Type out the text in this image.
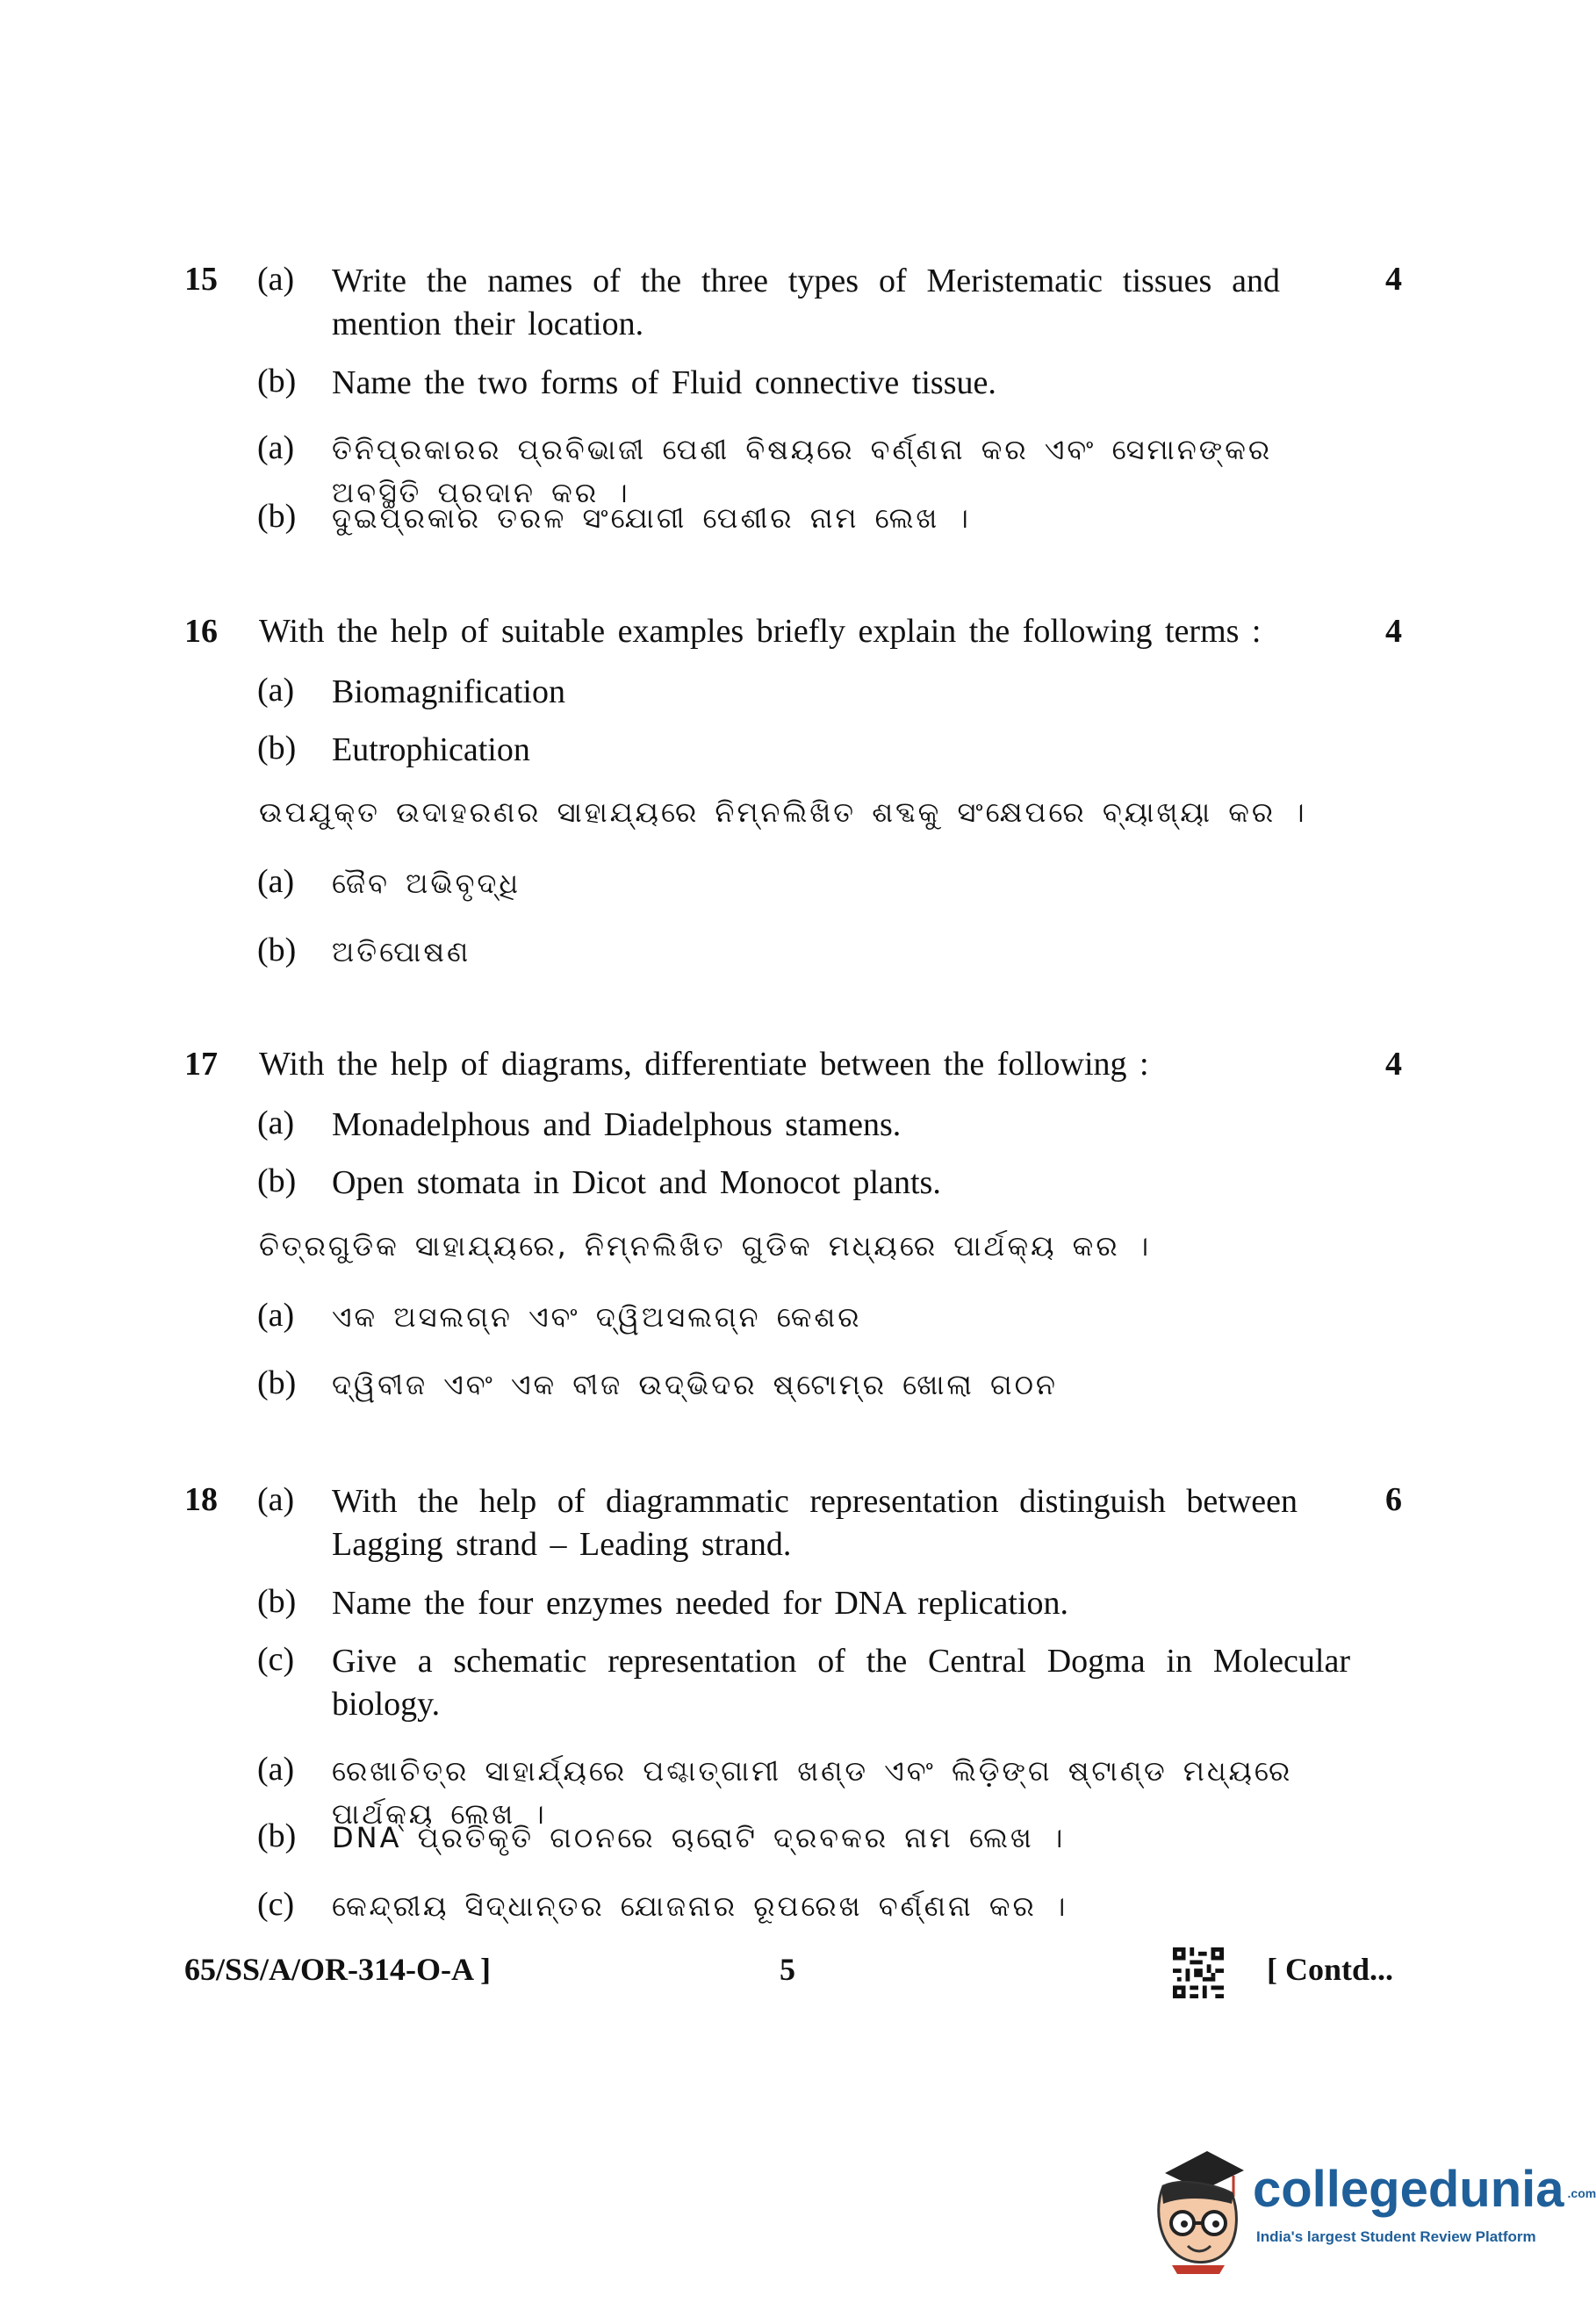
15	4
(a) Write the names of the three types of Meristematic tissues and mention their location.
(b) Name the two forms of Fluid connective tissue.
(a) ତିନିପ୍ରକାରର ପ୍ରବିଭାଜୀ ପେଶୀ ବିଷୟରେ ବର୍ଣ୍ଣନା କର ଏବଂ ସେମାନଙ୍କର ଅବସ୍ଥିତି ପ୍ରଦାନ କର ।
(b) ଦୁଇପ୍ରକାର ତରଳ ସଂଯୋଗୀ ପେଶୀର ନାମ ଲେଖ ।
16	4
With the help of suitable examples briefly explain the following terms :
(a) Biomagnification
(b) Eutrophication
ଉପଯୁକ୍ତ ଉଦାହରଣର ସାହାଯ୍ୟରେ ନିମ୍ନଲିଖିତ ଶବ୍ଦକୁ ସଂକ୍ଷେପରେ ବ୍ୟାଖ୍ୟା କର ।
(a) ଜୈବ ଅଭିବୃଦ୍ଧି
(b) ଅତିପୋଷଣ
17	4
With the help of diagrams, differentiate between the following :
(a) Monadelphous and Diadelphous stamens.
(b) Open stomata in Dicot and Monocot plants.
ଚିତ୍ରଗୁଡିକ ସାହାଯ୍ୟରେ, ନିମ୍ନଲିଖିତ ଗୁଡିକ ମଧ୍ୟରେ ପାର୍ଥକ୍ୟ କର ।
(a) ଏକ ଅସଲଗ୍ନ ଏବଂ ଦ୍ୱିଅସଲଗ୍ନ କେଶର
(b) ଦ୍ୱିବୀଜ ଏବଂ ଏକ ବୀଜ ଉଦ୍ଭିଦର ଷ୍ଟୋମ୍ର ଖୋଲା ଗଠନ
18	6
(a) With the help of diagrammatic representation distinguish between Lagging strand – Leading strand.
(b) Name the four enzymes needed for DNA replication.
(c) Give a schematic representation of the Central Dogma in Molecular biology.
(a) ରେଖାଚିତ୍ର ସାହାର୍ଯ୍ୟରେ ପଶ୍ଚାତ୍‌ଗାମୀ ଖଣ୍ଡ ଏବଂ ଲିଡ଼ିଙ୍ଗ ଷ୍ଟାଣ୍ଡ ମଧ୍ୟରେ ପାର୍ଥକ୍ୟ ଲେଖ ।
(b) DNA ପ୍ରତିକୃତି ଗଠନରେ ଚାରୋଟି ଦ୍ରବକର ନାମ ଲେଖ ।
(c) କେନ୍ଦ୍ରୀୟ ସିଦ୍ଧାନ୍ତର ଯୋଜନାର ରୂପରେଖ ବର୍ଣ୍ଣନା କର ।
65/SS/A/OR-314-O-A ]	5	[ Contd...
collegedunia .com
India's largest Student Review Platform
